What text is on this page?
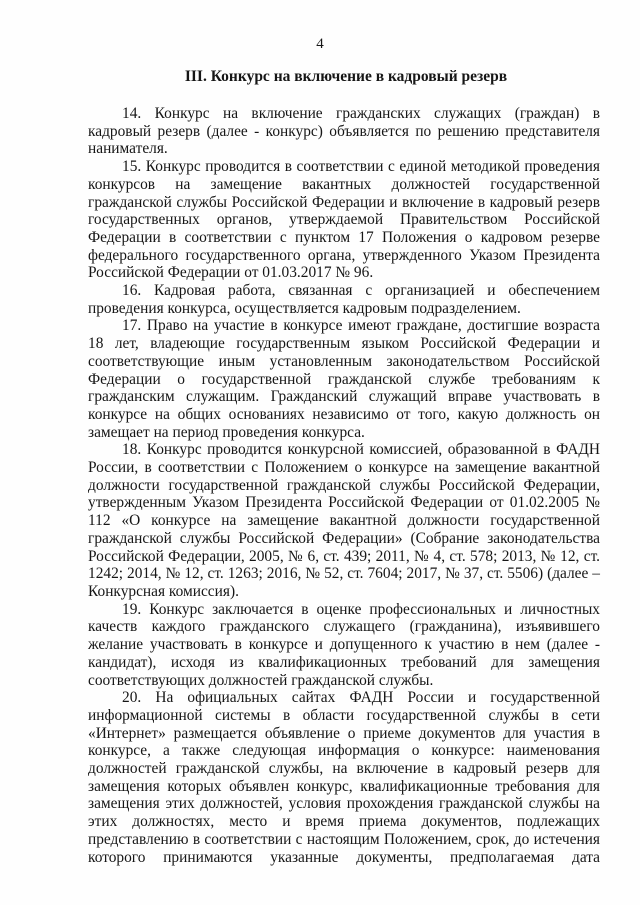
4
III. Конкурс на включение в кадровый резерв

14. Конкурс на включение гражданских служащих (граждан) в кадровый резерв (далее - конкурс) объявляется по решению представителя нанимателя.

15. Конкурс проводится в соответствии с единой методикой проведения конкурсов на замещение вакантных должностей государственной гражданской службы Российской Федерации и включение в кадровый резерв государственных органов, утверждаемой Правительством Российской Федерации в соответствии с пунктом 17 Положения о кадровом резерве федерального государственного органа, утвержденного Указом Президента Российской Федерации от 01.03.2017 № 96.

16. Кадровая работа, связанная с организацией и обеспечением проведения конкурса, осуществляется кадровым подразделением.

17. Право на участие в конкурсе имеют граждане, достигшие возраста 18 лет, владеющие государственным языком Российской Федерации и соответствующие иным установленным законодательством Российской Федерации о государственной гражданской службе требованиям к гражданским служащим. Гражданский служащий вправе участвовать в конкурсе на общих основаниях независимо от того, какую должность он замещает на период проведения конкурса.

18. Конкурс проводится конкурсной комиссией, образованной в ФАДН России, в соответствии с Положением о конкурсе на замещение вакантной должности государственной гражданской службы Российской Федерации, утвержденным Указом Президента Российской Федерации от 01.02.2005 № 112 «О конкурсе на замещение вакантной должности государственной гражданской службы Российской Федерации» (Собрание законодательства Российской Федерации, 2005, № 6, ст. 439; 2011, № 4, ст. 578; 2013, № 12, ст. 1242; 2014, № 12, ст. 1263; 2016, № 52, ст. 7604; 2017, № 37, ст. 5506) (далее – Конкурсная комиссия).

19. Конкурс заключается в оценке профессиональных и личностных качеств каждого гражданского служащего (гражданина), изъявившего желание участвовать в конкурсе и допущенного к участию в нем (далее - кандидат), исходя из квалификационных требований для замещения соответствующих должностей гражданской службы.

20. На официальных сайтах ФАДН России и государственной информационной системы в области государственной службы в сети «Интернет» размещается объявление о приеме документов для участия в конкурсе, а также следующая информация о конкурсе: наименования должностей гражданской службы, на включение в кадровый резерв для замещения которых объявлен конкурс, квалификационные требования для замещения этих должностей, условия прохождения гражданской службы на этих должностях, место и время приема документов, подлежащих представлению в соответствии с настоящим Положением, срок, до истечения которого принимаются указанные документы, предполагаемая дата
